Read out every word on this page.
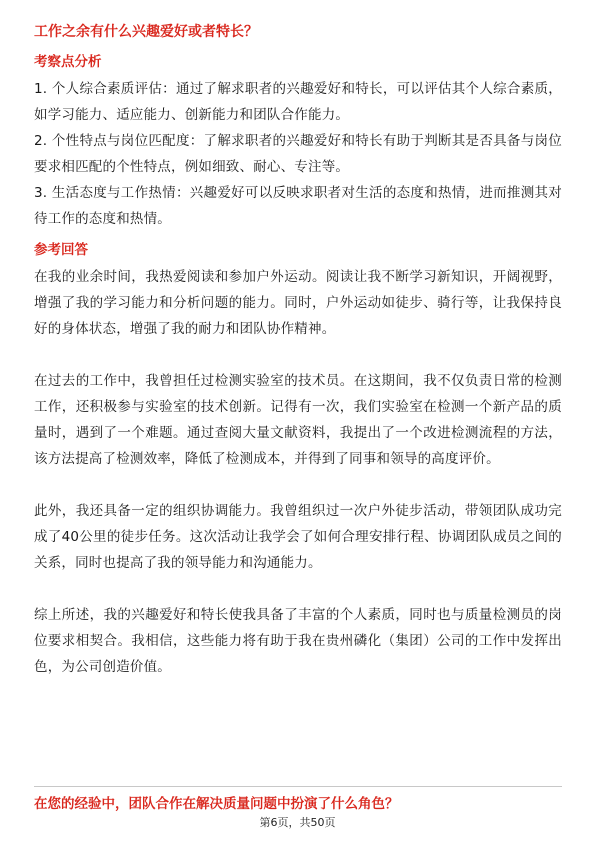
工作之余有什么兴趣爱好或者特长？

考察点分析

1. 个人综合素质评估：通过了解求职者的兴趣爱好和特长，可以评估其个人综合素质，如学习能力、适应能力、创新能力和团队合作能力。

2. 个性特点与岗位匹配度：了解求职者的兴趣爱好和特长有助于判断其是否具备与岗位要求相匹配的个性特点，例如细致、耐心、专注等。

3. 生活态度与工作热情：兴趣爱好可以反映求职者对生活的态度和热情，进而推测其对待工作的态度和热情。

参考回答

在我的业余时间，我热爱阅读和参加户外运动。阅读让我不断学习新知识，开阔视野，增强了我的学习能力和分析问题的能力。同时，户外运动如徒步、骑行等，让我保持良好的身体状态，增强了我的耐力和团队协作精神。

在过去的工作中，我曾担任过检测实验室的技术员。在这期间，我不仅负责日常的检测工作，还积极参与实验室的技术创新。记得有一次，我们实验室在检测一个新产品的质量时，遇到了一个难题。通过查阅大量文献资料，我提出了一个改进检测流程的方法，该方法提高了检测效率，降低了检测成本，并得到了同事和领导的高度评价。

此外，我还具备一定的组织协调能力。我曾组织过一次户外徒步活动，带领团队成功完成了40公里的徒步任务。这次活动让我学会了如何合理安排行程、协调团队成员之间的关系，同时也提高了我的领导能力和沟通能力。

综上所述，我的兴趣爱好和特长使我具备了丰富的个人素质，同时也与质量检测员的岗位要求相契合。我相信，这些能力将有助于我在贵州磷化（集团）公司的工作中发挥出色，为公司创造价值。

在您的经验中，团队合作在解决质量问题中扮演了什么角色？

第6页，共50页
